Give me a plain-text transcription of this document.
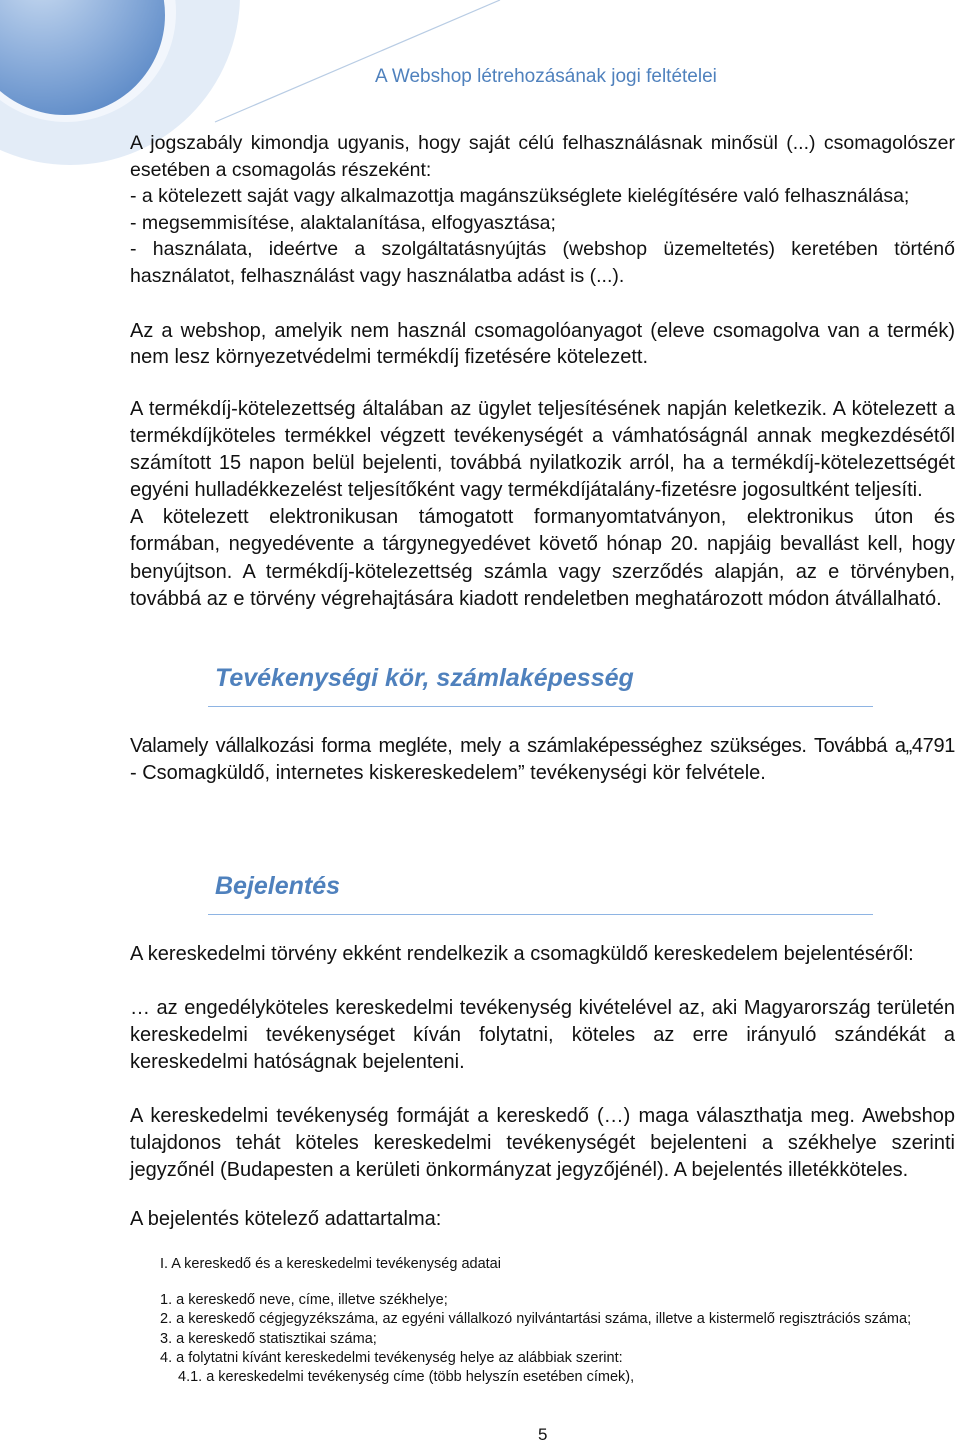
A Webshop létrehozásának jogi feltételei
A jogszabály kimondja ugyanis, hogy saját célú felhasználásnak minősül (...) csomagolószer
esetében a csomagolás részeként:
- a kötelezett saját vagy alkalmazottja magánszükséglete kielégítésére való felhasználása;
- megsemmisítése, alaktalanítása, elfogyasztása;
- használata, ideértve a szolgáltatásnyújtás (webshop üzemeltetés) keretében történő
használatot, felhasználást vagy használatba adást is (...).
Az a webshop, amelyik nem használ csomagolóanyagot (eleve csomagolva van a termék)
nem lesz környezetvédelmi termékdíj fizetésére kötelezett.
A termékdíj-kötelezettség általában az ügylet teljesítésének napján keletkezik. A kötelezett a
termékdíjköteles termékkel végzett tevékenységét a vámhatóságnál annak megkezdésétől
számított 15 napon belül bejelenti, továbbá nyilatkozik arról, ha a termékdíj-kötelezettségét
egyéni hulladékkezelést teljesítőként vagy termékdíjátalány-fizetésre jogosultként teljesíti.
A kötelezett elektronikusan támogatott formanyomtatványon, elektronikus úton és
formában, negyedévente a tárgynegyedévet követő hónap 20. napjáig bevallást kell, hogy
benyújtson. A termékdíj-kötelezettség számla vagy szerződés alapján, az e törvényben,
továbbá az e törvény végrehajtására kiadott rendeletben meghatározott módon átvállalható.
Tevékenységi kör, számlaképesség
Valamely vállalkozási forma megléte, mely a számlaképességhez szükséges. Továbbá a„4791
- Csomagküldő, internetes kiskereskedelem” tevékenységi kör felvétele.
Bejelentés
A kereskedelmi törvény ekként rendelkezik a csomagküldő kereskedelem bejelentéséről:
… az engedélyköteles kereskedelmi tevékenység kivételével az, aki Magyarország területén
kereskedelmi tevékenységet kíván folytatni, köteles az erre irányuló szándékát a
kereskedelmi hatóságnak bejelenteni.
A kereskedelmi tevékenység formáját a kereskedő (…) maga választhatja meg. Awebshop
tulajdonos tehát köteles kereskedelmi tevékenységét bejelenteni a székhelye szerinti
jegyzőnél (Budapesten a kerületi önkormányzat jegyzőjénél). A bejelentés illetékköteles.
A bejelentés kötelező adattartalma:
I. A kereskedő és a kereskedelmi tevékenység adatai
1. a kereskedő neve, címe, illetve székhelye;
2. a kereskedő cégjegyzékszáma, az egyéni vállalkozó nyilvántartási száma, illetve a kistermelő regisztrációs száma;
3. a kereskedő statisztikai száma;
4. a folytatni kívánt kereskedelmi tevékenység helye az alábbiak szerint:
4.1. a kereskedelmi tevékenység címe (több helyszín esetében címek),
5
